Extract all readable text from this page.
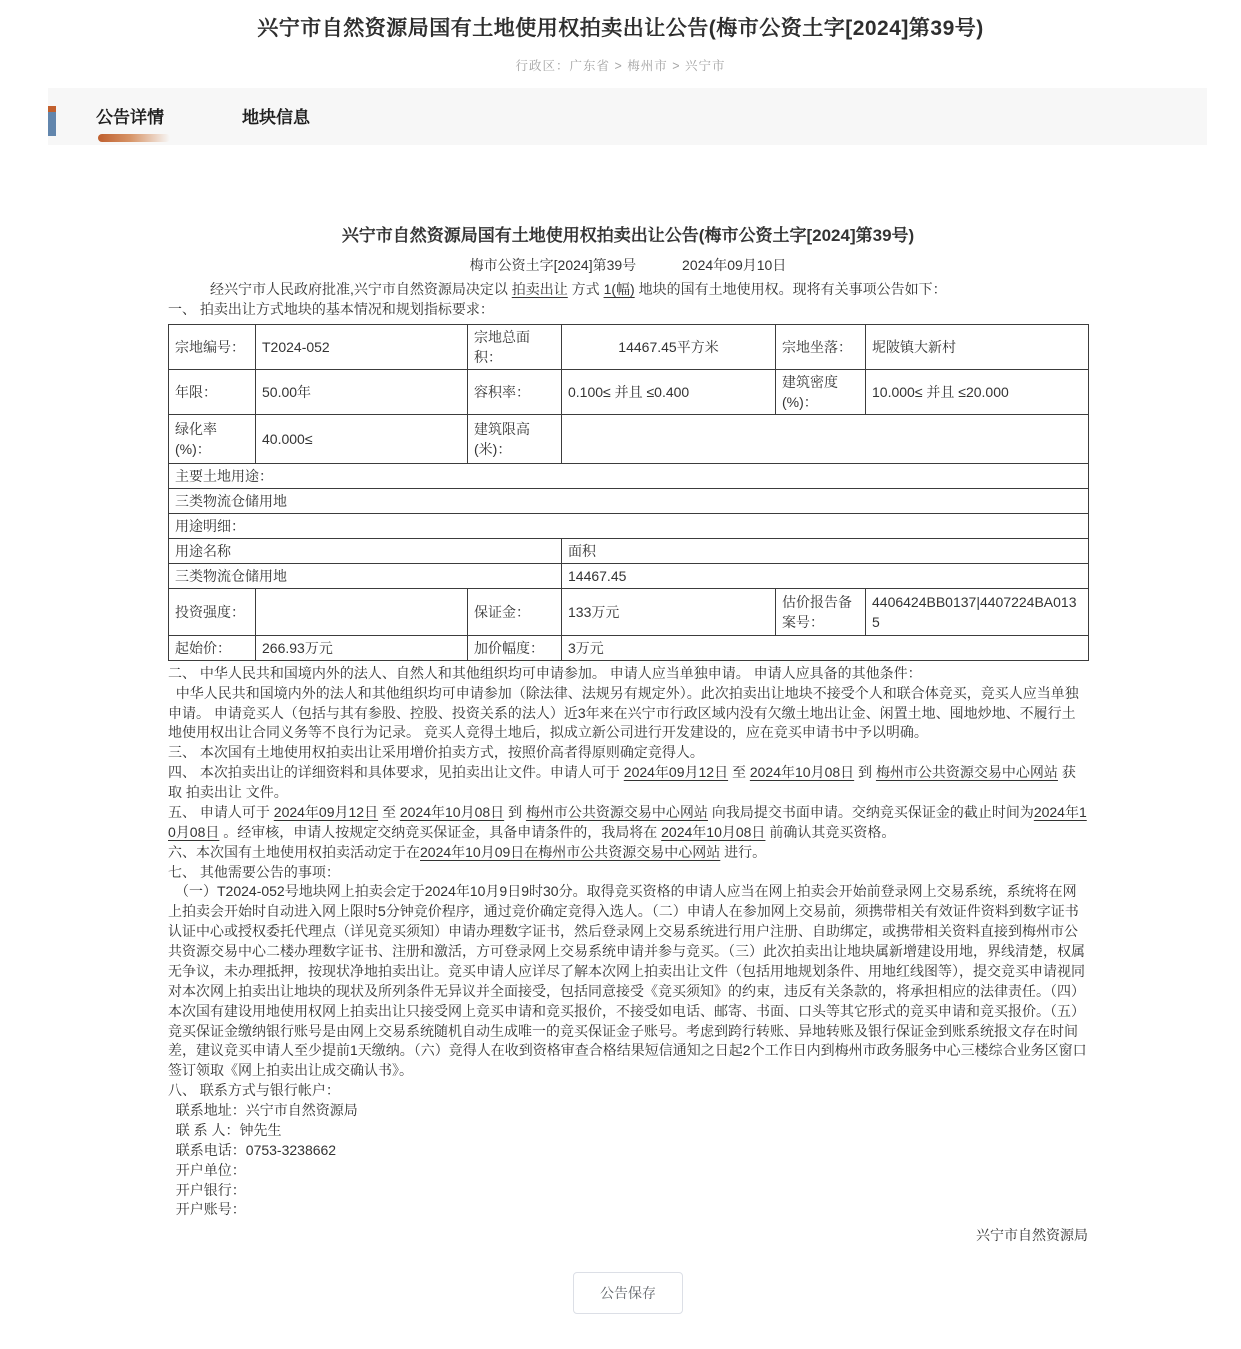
兴宁市自然资源局国有土地使用权拍卖出让公告(梅市公资土字[2024]第39号)
行政区：广东省 > 梅州市 > 兴宁市
公告详情	地块信息
兴宁市自然资源局国有土地使用权拍卖出让公告(梅市公资土字[2024]第39号)
梅市公资土字[2024]第39号	2024年09月10日

经兴宁市人民政府批准,兴宁市自然资源局决定以 拍卖出让 方式 1(幅) 地块的国有土地使用权。现将有关事项公告如下：

一、 拍卖出让方式地块的基本情况和规划指标要求：

宗地编号：	T2024-052	宗地总面积：	14467.45平方米	宗地坐落：	坭陂镇大新村
年限：	50.00年	容积率：	0.100≤ 并且 ≤0.400	建筑密度(%)：	10.000≤ 并且 ≤20.000
绿化率(%)：	40.000≤	建筑限高(米)：			
主要土地用途：					
三类物流仓储用地					
用途明细：					
用途名称			面积		
三类物流仓储用地			14467.45		
投资强度：		保证金：	133万元	估价报告备案号：	4406424BB0137|4407224BA0135
起始价：	266.93万元	加价幅度：	3万元		

二、 中华人民共和国境内外的法人、自然人和其他组织均可申请参加。 申请人应当单独申请。 申请人应具备的其他条件：

中华人民共和国境内外的法人和其他组织均可申请参加（除法律、法规另有规定外）。此次拍卖出让地块不接受个人和联合体竞买，竞买人应当单独申请。 申请竞买人（包括与其有参股、控股、投资关系的法人）近3年来在兴宁市行政区域内没有欠缴土地出让金、闲置土地、囤地炒地、不履行土地使用权出让合同义务等不良行为记录。 竞买人竞得土地后，拟成立新公司进行开发建设的，应在竞买申请书中予以明确。

三、 本次国有土地使用权拍卖出让采用增价拍卖方式，按照价高者得原则确定竞得人。

四、 本次拍卖出让的详细资料和具体要求，见拍卖出让文件。申请人可于 2024年09月12日 至 2024年10月08日 到 梅州市公共资源交易中心网站 获取 拍卖出让 文件。

五、 申请人可于 2024年09月12日 至 2024年10月08日 到 梅州市公共资源交易中心网站 向我局提交书面申请。交纳竞买保证金的截止时间为2024年10月08日 。经审核，申请人按规定交纳竞买保证金，具备申请条件的，我局将在 2024年10月08日 前确认其竞买资格。

六、本次国有土地使用权拍卖活动定于在2024年10月09日在梅州市公共资源交易中心网站 进行。

七、 其他需要公告的事项：

　（一）T2024-052号地块网上拍卖会定于2024年10月9日9时30分。取得竞买资格的申请人应当在网上拍卖会开始前登录网上交易系统，系统将在网上拍卖会开始时自动进入网上限时5分钟竞价程序，通过竞价确定竞得入选人。（二）申请人在参加网上交易前，须携带相关有效证件资料到数字证书认证中心或授权委托代理点（详见竞买须知）申请办理数字证书，然后登录网上交易系统进行用户注册、自助绑定，或携带相关资料直接到梅州市公共资源交易中心二楼办理数字证书、注册和激活，方可登录网上交易系统申请并参与竞买。（三）此次拍卖出让地块属新增建设用地，界线清楚，权属无争议，未办理抵押，按现状净地拍卖出让。竞买申请人应详尽了解本次网上拍卖出让文件（包括用地规划条件、用地红线图等），提交竞买申请视同对本次网上拍卖出让地块的现状及所列条件无异议并全面接受，包括同意接受《竞买须知》的约束，违反有关条款的，将承担相应的法律责任。（四）本次国有建设用地使用权网上拍卖出让只接受网上竞买申请和竞买报价，不接受如电话、邮寄、书面、口头等其它形式的竞买申请和竞买报价。（五）竞买保证金缴纳银行账号是由网上交易系统随机自动生成唯一的竞买保证金子账号。考虑到跨行转账、异地转账及银行保证金到账系统报文存在时间差，建议竞买申请人至少提前1天缴纳。（六）竞得人在收到资格审查合格结果短信通知之日起2个工作日内到梅州市政务服务中心三楼综合业务区窗口签订领取《网上拍卖出让成交确认书》。

八、 联系方式与银行帐户：

联系地址：兴宁市自然资源局

联 系 人：钟先生

联系电话：0753-3238662

开户单位：

开户银行：

开户账号：

兴宁市自然资源局
公告保存
